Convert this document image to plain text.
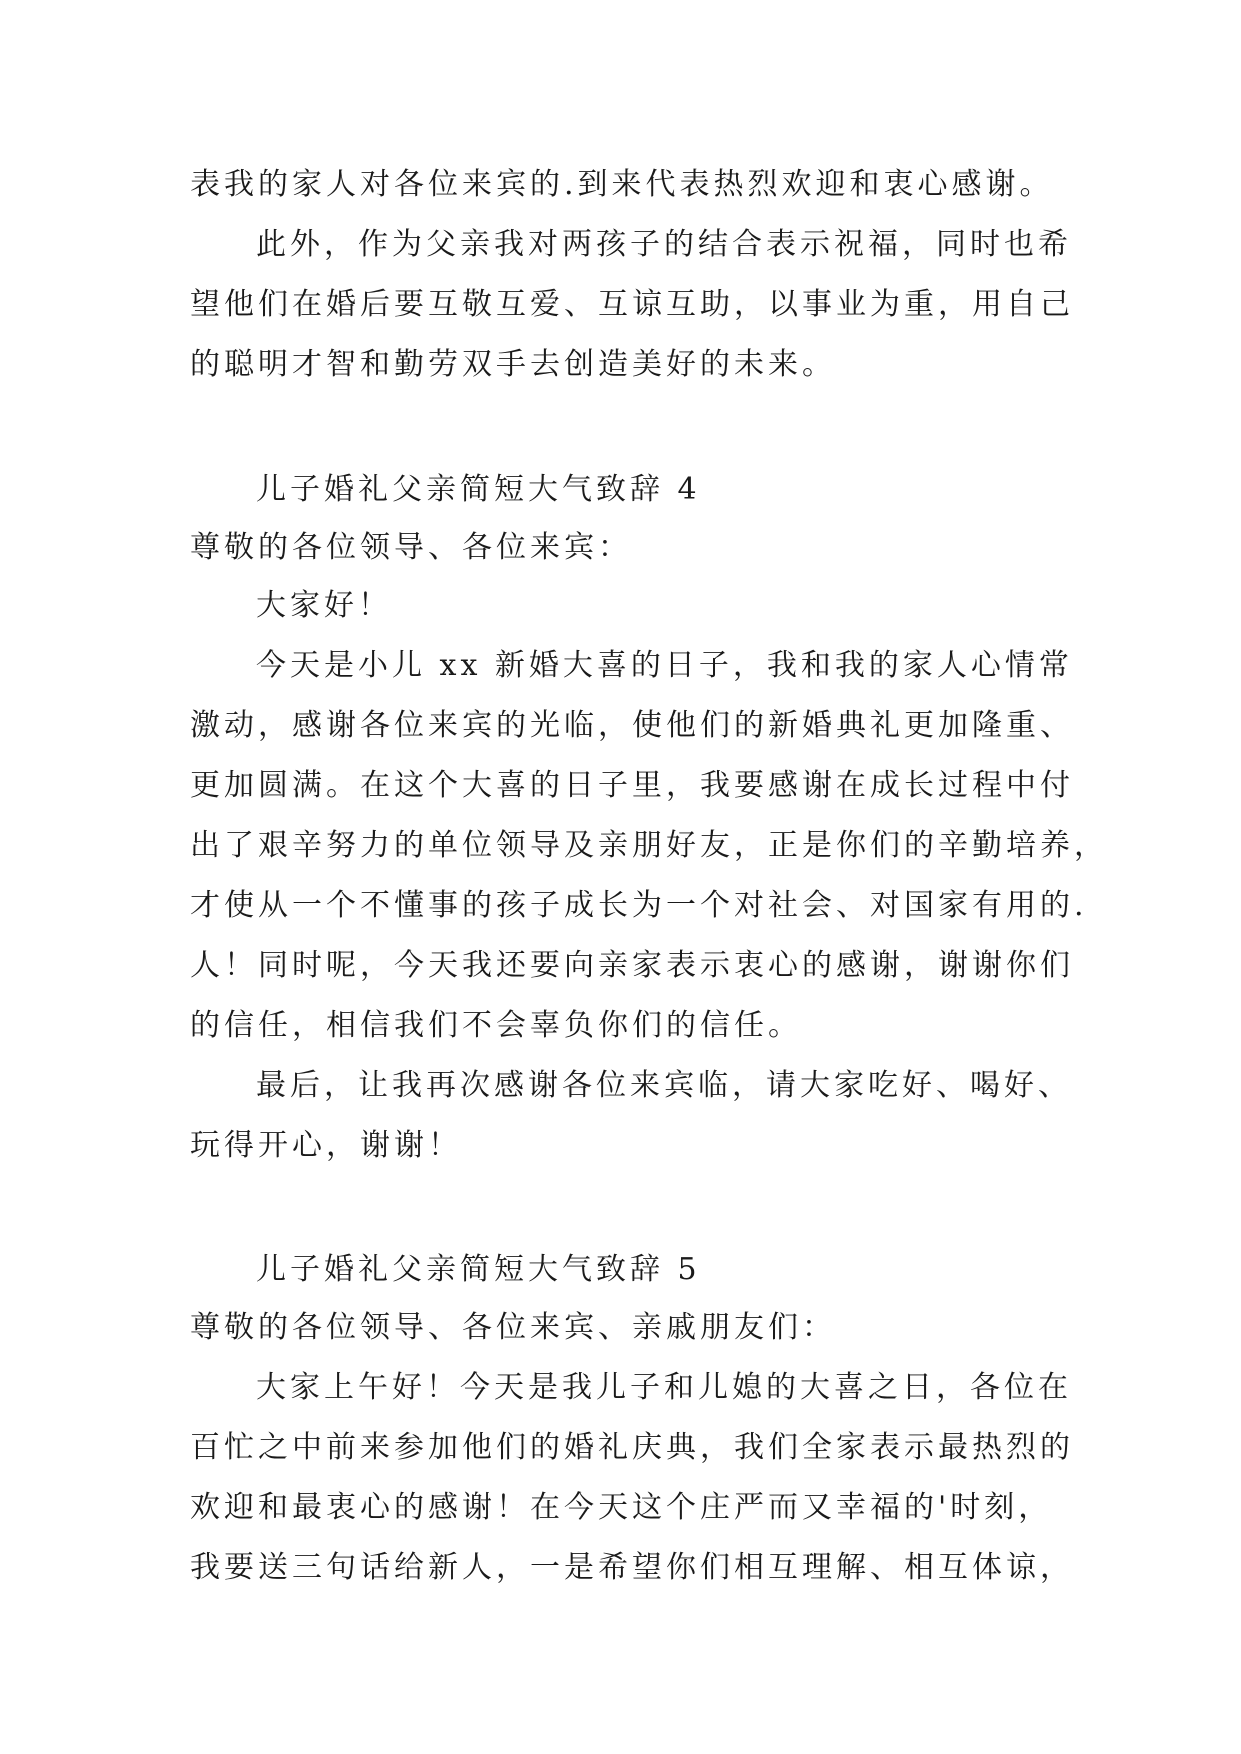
表我的家人对各位来宾的.到来代表热烈欢迎和衷心感谢。
此外，作为父亲我对两孩子的结合表示祝福，同时也希
望他们在婚后要互敬互爱、互谅互助，以事业为重，用自己
的聪明才智和勤劳双手去创造美好的未来。
儿子婚礼父亲简短大气致辞 4
尊敬的各位领导、各位来宾：
大家好！
今天是小儿 xx 新婚大喜的日子，我和我的家人心情常
激动，感谢各位来宾的光临，使他们的新婚典礼更加隆重、
更加圆满。在这个大喜的日子里，我要感谢在成长过程中付
出了艰辛努力的单位领导及亲朋好友，正是你们的辛勤培养，
才使从一个不懂事的孩子成长为一个对社会、对国家有用的.
人！同时呢，今天我还要向亲家表示衷心的感谢，谢谢你们
的信任，相信我们不会辜负你们的信任。
最后，让我再次感谢各位来宾临，请大家吃好、喝好、
玩得开心，谢谢！
儿子婚礼父亲简短大气致辞 5
尊敬的各位领导、各位来宾、亲戚朋友们：
大家上午好！今天是我儿子和儿媳的大喜之日，各位在
百忙之中前来参加他们的婚礼庆典，我们全家表示最热烈的
欢迎和最衷心的感谢！在今天这个庄严而又幸福的'时刻，
我要送三句话给新人，一是希望你们相互理解、相互体谅，
